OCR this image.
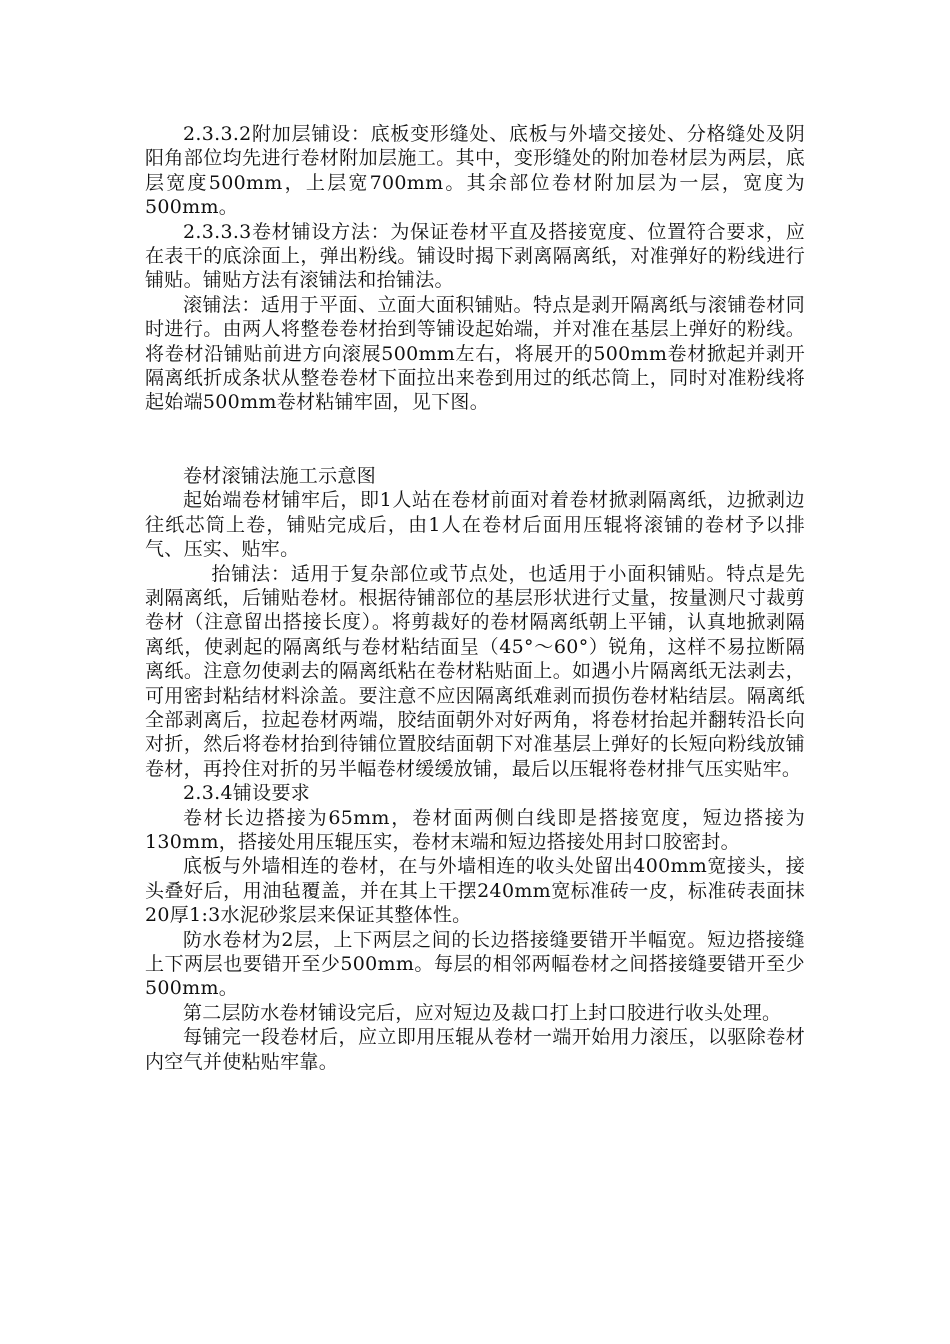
2.3.3.2附加层铺设：底板变形缝处、底板与外墙交接处、分格缝处及阴阳角部位均先进行卷材附加层施工。其中，变形缝处的附加卷材层为两层，底层宽度500mm，上层宽700mm。其余部位卷材附加层为一层，宽度为500mm。

2.3.3.3卷材铺设方法：为保证卷材平直及搭接宽度、位置符合要求，应在表干的底涂面上，弹出粉线。铺设时揭下剥离隔离纸，对准弹好的粉线进行铺贴。铺贴方法有滚铺法和抬铺法。

滚铺法：适用于平面、立面大面积铺贴。特点是剥开隔离纸与滚铺卷材同时进行。由两人将整卷卷材抬到等铺设起始端，并对准在基层上弹好的粉线。将卷材沿铺贴前进方向滚展500mm左右，将展开的500mm卷材掀起并剥开隔离纸折成条状从整卷卷材下面拉出来卷到用过的纸芯筒上，同时对准粉线将起始端500mm卷材粘铺牢固，见下图。

卷材滚铺法施工示意图

起始端卷材铺牢后，即1人站在卷材前面对着卷材掀剥隔离纸，边掀剥边往纸芯筒上卷，铺贴完成后，由1人在卷材后面用压辊将滚铺的卷材予以排气、压实、贴牢。

抬铺法：适用于复杂部位或节点处，也适用于小面积铺贴。特点是先剥隔离纸，后铺贴卷材。根据待铺部位的基层形状进行丈量，按量测尺寸裁剪卷材（注意留出搭接长度）。将剪裁好的卷材隔离纸朝上平铺，认真地掀剥隔离纸，使剥起的隔离纸与卷材粘结面呈（45°～60°）锐角，这样不易拉断隔离纸。注意勿使剥去的隔离纸粘在卷材粘贴面上。如遇小片隔离纸无法剥去，可用密封粘结材料涂盖。要注意不应因隔离纸难剥而损伤卷材粘结层。隔离纸全部剥离后，拉起卷材两端，胶结面朝外对好两角，将卷材抬起并翻转沿长向对折，然后将卷材抬到待铺位置胶结面朝下对准基层上弹好的长短向粉线放铺卷材，再拎住对折的另半幅卷材缓缓放铺，最后以压辊将卷材排气压实贴牢。

2.3.4铺设要求

卷材长边搭接为65mm，卷材面两侧白线即是搭接宽度，短边搭接为130mm，搭接处用压辊压实，卷材末端和短边搭接处用封口胶密封。

底板与外墙相连的卷材，在与外墙相连的收头处留出400mm宽接头，接头叠好后，用油毡覆盖，并在其上干摆240mm宽标准砖一皮，标准砖表面抹20厚1:3水泥砂浆层来保证其整体性。

防水卷材为2层，上下两层之间的长边搭接缝要错开半幅宽。短边搭接缝上下两层也要错开至少500mm。每层的相邻两幅卷材之间搭接缝要错开至少500mm。

第二层防水卷材铺设完后，应对短边及裁口打上封口胶进行收头处理。

每铺完一段卷材后，应立即用压辊从卷材一端开始用力滚压，以驱除卷材内空气并使粘贴牢靠。
